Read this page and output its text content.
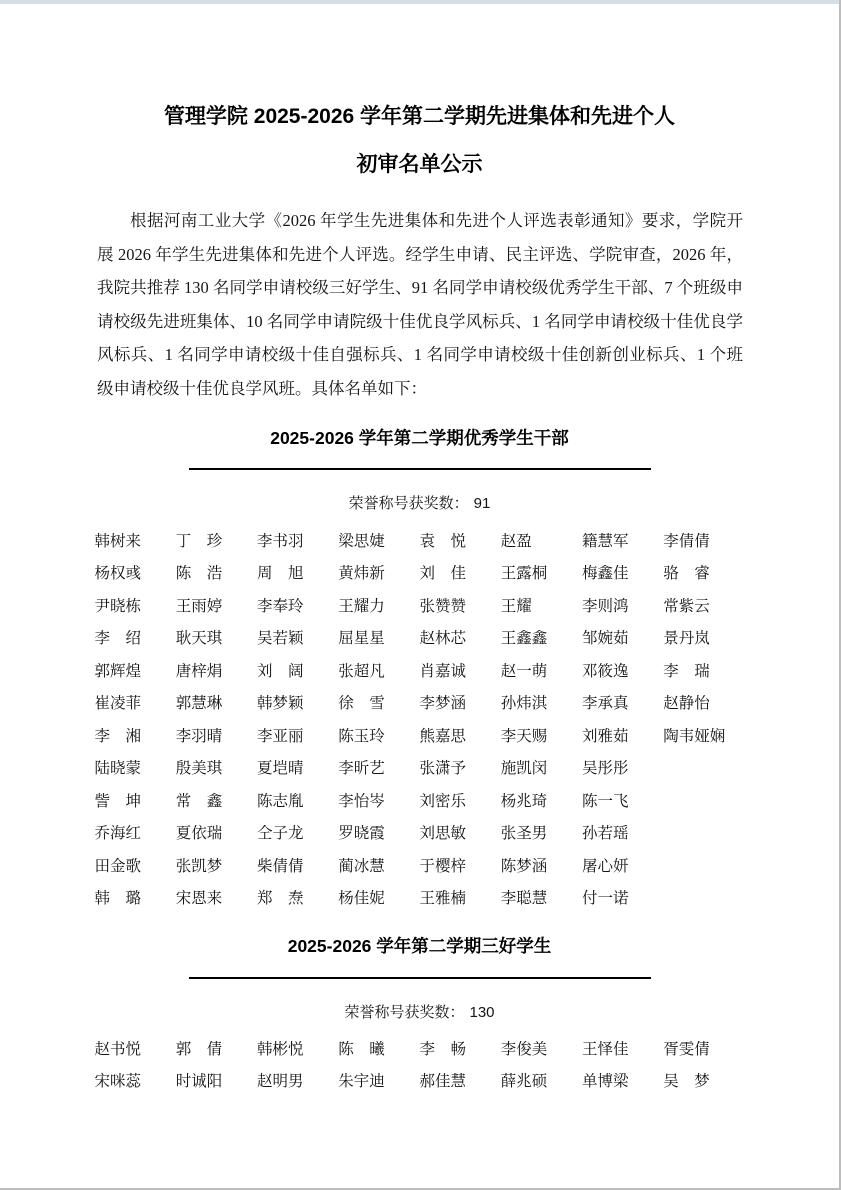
管理学院 2025-2026 学年第二学期先进集体和先进个人
初审名单公示

根据河南工业大学《2026 年学生先进集体和先进个人评选表彰通知》要求，学院开展 2026 年学生先进集体和先进个人评选。经学生申请、民主评选、学院审查，2026 年，我院共推荐 130 名同学申请校级三好学生、91 名同学申请校级优秀学生干部、7 个班级申请校级先进班集体、10 名同学申请院级十佳优良学风标兵、1 名同学申请校级十佳优良学风标兵、1 名同学申请校级十佳自强标兵、1 名同学申请校级十佳创新创业标兵、1 个班级申请校级十佳优良学风班。具体名单如下：

2025-2026 学年第二学期优秀学生干部

荣誉称号获奖数： 91

韩树来	丁　珍	李书羽	梁思婕	袁　悦	赵盈	籍慧军	李倩倩
杨权彧	陈　浩	周　旭	黄炜新	刘　佳	王露桐	梅鑫佳	骆　睿
尹晓栋	王雨婷	李奉玲	王耀力	张赞赞	王耀	李则鸿	常紫云
李　绍	耿天琪	吴若颖	屈星星	赵林芯	王鑫鑫	邹婉茹	景丹岚
郭辉煌	唐梓焆	刘　阔	张超凡	肖嘉诚	赵一萌	邓筱逸	李　瑞
崔凌菲	郭慧琳	韩梦颖	徐　雪	李梦涵	孙炜淇	李承真	赵静怡
李　湘	李羽晴	李亚丽	陈玉玲	熊嘉思	李天赐	刘雅茹	陶韦娅娴
陆晓蒙	殷美琪	夏垲晴	李昕艺	张潇予	施凯闵	吴彤彤
訾　坤	常　鑫	陈志胤	李怡岑	刘密乐	杨兆琦	陈一飞
乔海红	夏依瑞	仝子龙	罗晓霞	刘思敏	张圣男	孙若瑶
田金歌	张凯梦	柴倩倩	蔺冰慧	于樱梓	陈梦涵	屠心妍
韩　璐	宋恩来	郑　焘	杨佳妮	王雅楠	李聪慧	付一诺
2025-2026 学年第二学期三好学生

荣誉称号获奖数： 130

赵书悦	郭　倩	韩彬悦	陈　曦	李　畅	李俊美	王怿佳	胥雯倩
宋咪蕊	时诚阳	赵明男	朱宇迪	郝佳慧	薛兆硕	单博梁	吴　梦
